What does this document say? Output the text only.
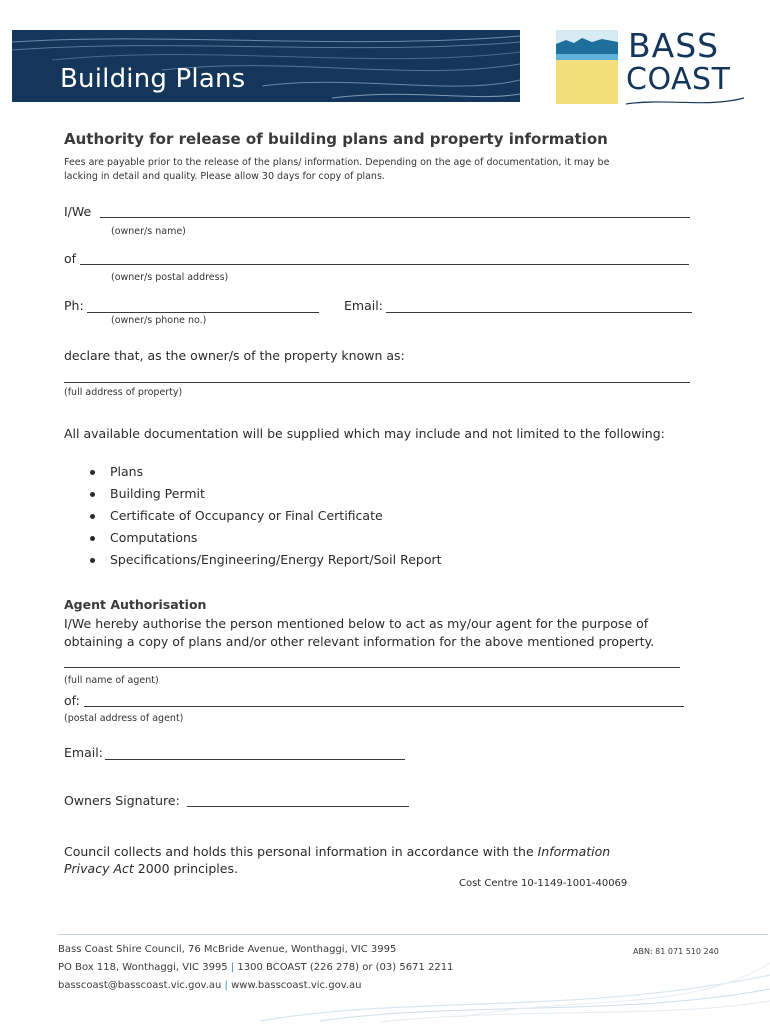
Building Plans
BASS
COAST
Authority for release of building plans and property information
Fees are payable prior to the release of the plans/ information. Depending on the age of documentation, it may be
lacking in detail and quality. Please allow 30 days for copy of plans.
I/We
(owner/s name)
of
(owner/s postal address)
Ph:	Email:
(owner/s phone no.)
declare that, as the owner/s of the property known as:
(full address of property)
All available documentation will be supplied which may include and not limited to the following:
Plans
Building Permit
Certificate of Occupancy or Final Certificate
Computations
Specifications/Engineering/Energy Report/Soil Report
Agent Authorisation
I/We hereby authorise the person mentioned below to act as my/our agent for the purpose of
obtaining a copy of plans and/or other relevant information for the above mentioned property.
(full name of agent)
of:
(postal address of agent)
Email:
Owners Signature:
Council collects and holds this personal information in accordance with the Information
Privacy Act 2000 principles.
Cost Centre 10-1149-1001-40069
Bass Coast Shire Council, 76 McBride Avenue, Wonthaggi, VIC 3995	ABN: 81 071 510 240
PO Box 118, Wonthaggi, VIC 3995 | 1300 BCOAST (226 278) or (03) 5671 2211
basscoast@basscoast.vic.gov.au | www.basscoast.vic.gov.au
